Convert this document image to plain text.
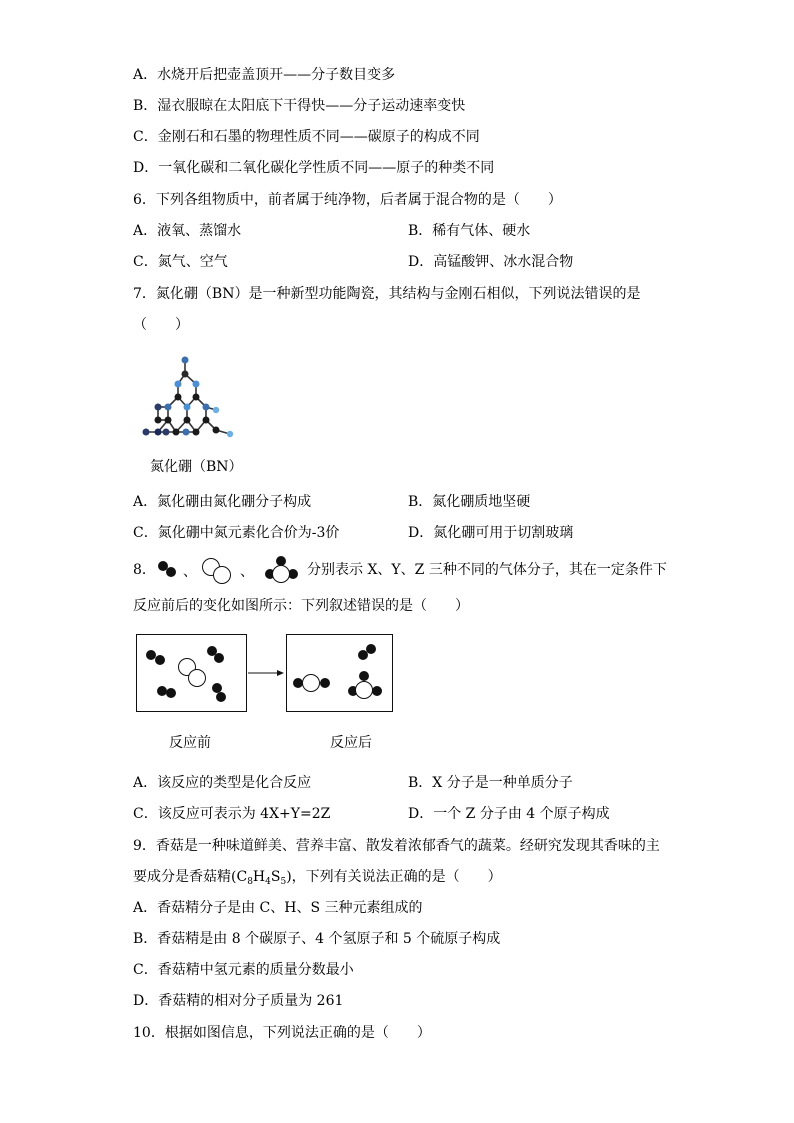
A．水烧开后把壶盖顶开——分子数目变多
B．湿衣服晾在太阳底下干得快——分子运动速率变快
C．金刚石和石墨的物理性质不同——碳原子的构成不同
D．一氧化碳和二氧化碳化学性质不同——原子的种类不同
6．下列各组物质中，前者属于纯净物，后者属于混合物的是（　　）
A．液氧、蒸馏水	B．稀有气体、硬水
C．氮气、空气	D．高锰酸钾、冰水混合物
7．氮化硼（BN）是一种新型功能陶瓷，其结构与金刚石相似，下列说法错误的是
（　　）
氮化硼（BN）
A．氮化硼由氮化硼分子构成	B．氮化硼质地坚硬
C．氮化硼中氮元素化合价为-3价	D．氮化硼可用于切割玻璃
8． 、	、	分别表示 X、Y、Z 三种不同的气体分子，其在一定条件下
反应前后的变化如图所示：下列叙述错误的是（　　）
反应前	反应后
A．该反应的类型是化合反应	B．X 分子是一种单质分子
C．该反应可表示为 4X+Y=2Z	D．一个 Z 分子由 4 个原子构成
9．香菇是一种味道鲜美、营养丰富、散发着浓郁香气的蔬菜。经研究发现其香味的主
要成分是香菇精$(C_8H_4S_5)$，下列有关说法正确的是（　　）
A．香菇精分子是由 C、H、S 三种元素组成的
B．香菇精是由 8 个碳原子、4 个氢原子和 5 个硫原子构成
C．香菇精中氢元素的质量分数最小
D．香菇精的相对分子质量为 261
10．根据如图信息，下列说法正确的是（　　）
